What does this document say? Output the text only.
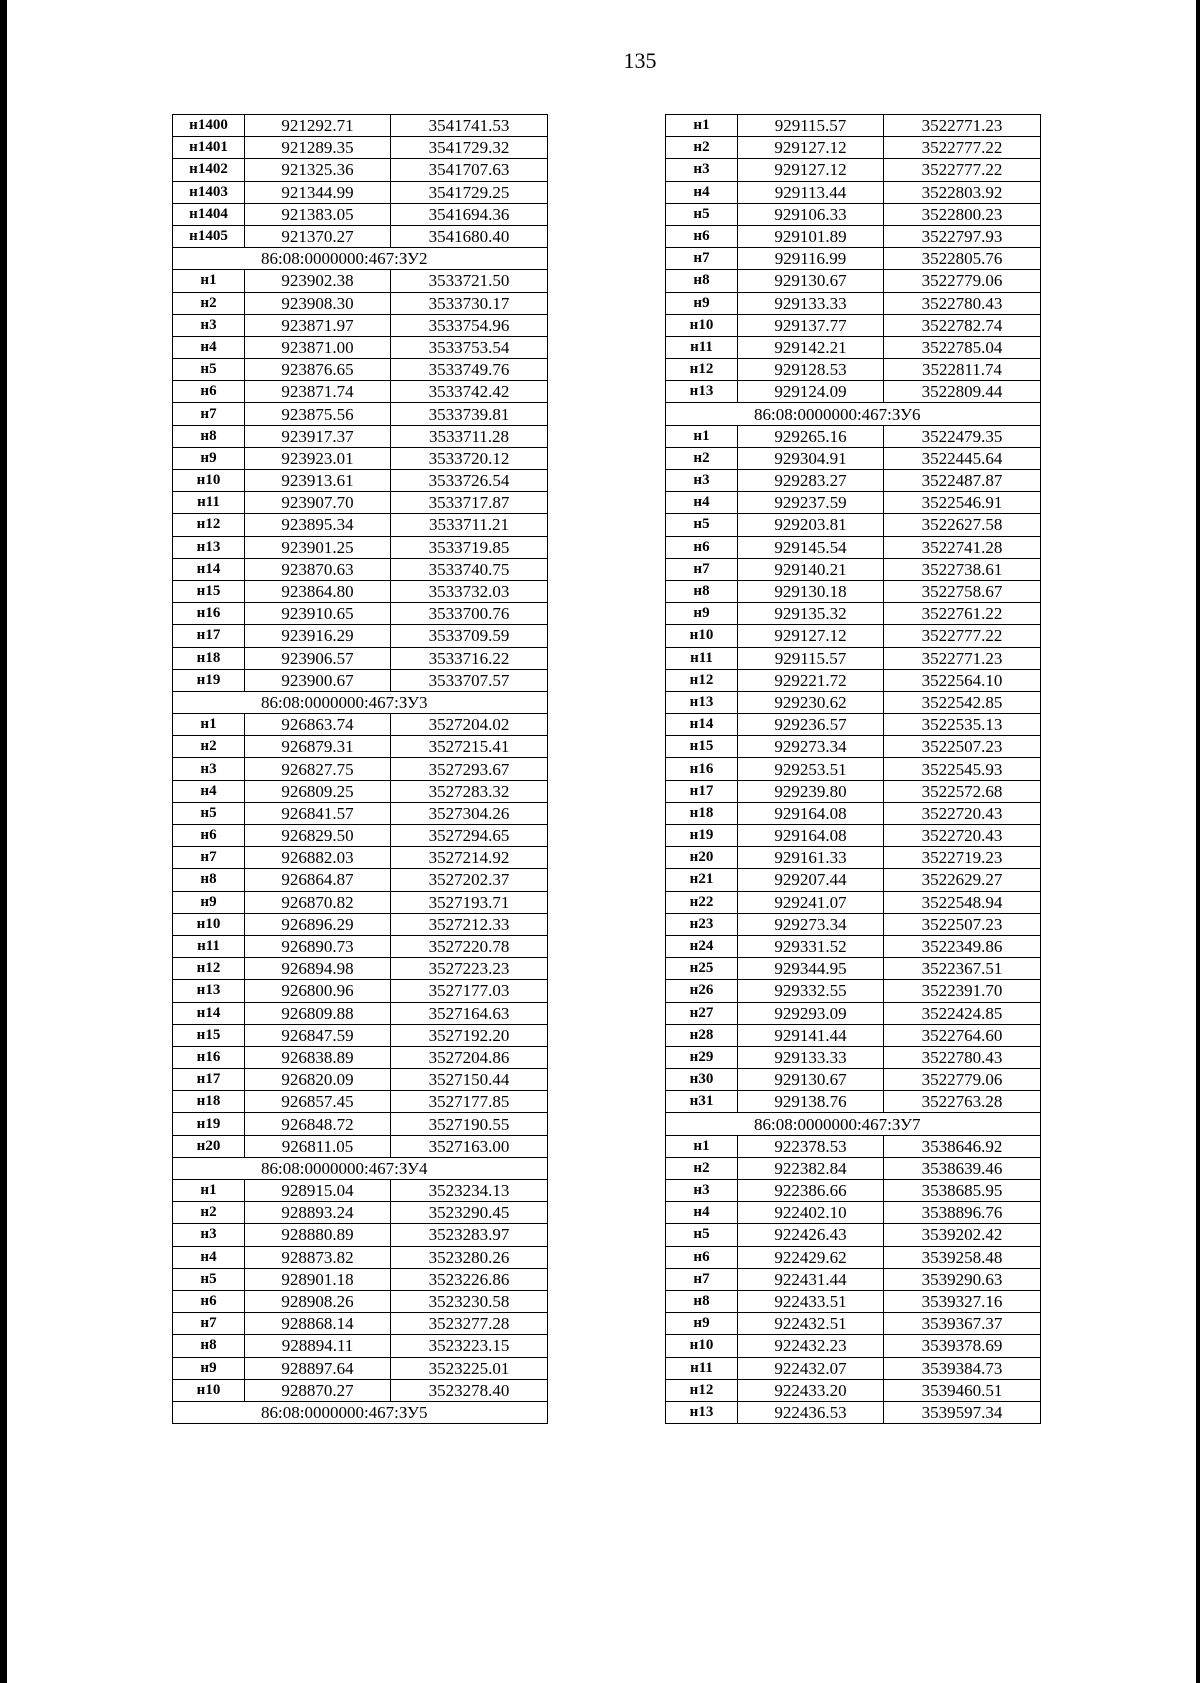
135
н1400	921292.71	3541741.53
н1401	921289.35	3541729.32
н1402	921325.36	3541707.63
н1403	921344.99	3541729.25
н1404	921383.05	3541694.36
н1405	921370.27	3541680.40
86:08:0000000:467:ЗУ2		
н1	923902.38	3533721.50
н2	923908.30	3533730.17
н3	923871.97	3533754.96
н4	923871.00	3533753.54
н5	923876.65	3533749.76
н6	923871.74	3533742.42
н7	923875.56	3533739.81
н8	923917.37	3533711.28
н9	923923.01	3533720.12
н10	923913.61	3533726.54
н11	923907.70	3533717.87
н12	923895.34	3533711.21
н13	923901.25	3533719.85
н14	923870.63	3533740.75
н15	923864.80	3533732.03
н16	923910.65	3533700.76
н17	923916.29	3533709.59
н18	923906.57	3533716.22
н19	923900.67	3533707.57
86:08:0000000:467:ЗУ3		
н1	926863.74	3527204.02
н2	926879.31	3527215.41
н3	926827.75	3527293.67
н4	926809.25	3527283.32
н5	926841.57	3527304.26
н6	926829.50	3527294.65
н7	926882.03	3527214.92
н8	926864.87	3527202.37
н9	926870.82	3527193.71
н10	926896.29	3527212.33
н11	926890.73	3527220.78
н12	926894.98	3527223.23
н13	926800.96	3527177.03
н14	926809.88	3527164.63
н15	926847.59	3527192.20
н16	926838.89	3527204.86
н17	926820.09	3527150.44
н18	926857.45	3527177.85
н19	926848.72	3527190.55
н20	926811.05	3527163.00
86:08:0000000:467:ЗУ4		
н1	928915.04	3523234.13
н2	928893.24	3523290.45
н3	928880.89	3523283.97
н4	928873.82	3523280.26
н5	928901.18	3523226.86
н6	928908.26	3523230.58
н7	928868.14	3523277.28
н8	928894.11	3523223.15
н9	928897.64	3523225.01
н10	928870.27	3523278.40
86:08:0000000:467:ЗУ5		
н1	929115.57	3522771.23
н2	929127.12	3522777.22
н3	929127.12	3522777.22
н4	929113.44	3522803.92
н5	929106.33	3522800.23
н6	929101.89	3522797.93
н7	929116.99	3522805.76
н8	929130.67	3522779.06
н9	929133.33	3522780.43
н10	929137.77	3522782.74
н11	929142.21	3522785.04
н12	929128.53	3522811.74
н13	929124.09	3522809.44
86:08:0000000:467:ЗУ6		
н1	929265.16	3522479.35
н2	929304.91	3522445.64
н3	929283.27	3522487.87
н4	929237.59	3522546.91
н5	929203.81	3522627.58
н6	929145.54	3522741.28
н7	929140.21	3522738.61
н8	929130.18	3522758.67
н9	929135.32	3522761.22
н10	929127.12	3522777.22
н11	929115.57	3522771.23
н12	929221.72	3522564.10
н13	929230.62	3522542.85
н14	929236.57	3522535.13
н15	929273.34	3522507.23
н16	929253.51	3522545.93
н17	929239.80	3522572.68
н18	929164.08	3522720.43
н19	929164.08	3522720.43
н20	929161.33	3522719.23
н21	929207.44	3522629.27
н22	929241.07	3522548.94
н23	929273.34	3522507.23
н24	929331.52	3522349.86
н25	929344.95	3522367.51
н26	929332.55	3522391.70
н27	929293.09	3522424.85
н28	929141.44	3522764.60
н29	929133.33	3522780.43
н30	929130.67	3522779.06
н31	929138.76	3522763.28
86:08:0000000:467:ЗУ7		
н1	922378.53	3538646.92
н2	922382.84	3538639.46
н3	922386.66	3538685.95
н4	922402.10	3538896.76
н5	922426.43	3539202.42
н6	922429.62	3539258.48
н7	922431.44	3539290.63
н8	922433.51	3539327.16
н9	922432.51	3539367.37
н10	922432.23	3539378.69
н11	922432.07	3539384.73
н12	922433.20	3539460.51
н13	922436.53	3539597.34
